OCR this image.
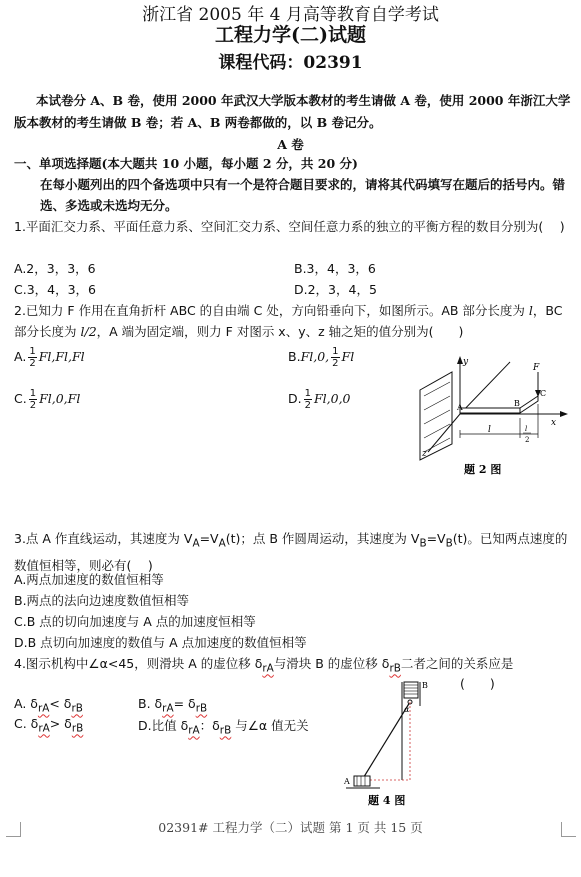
浙江省 2005 年 4 月高等教育自学考试
工程力学(二)试题
课程代码：02391
本试卷分 A、B 卷，使用 2000 年武汉大学版本教材的考生请做 A 卷，使用 2000 年浙江大学版本教材的考生请做 B 卷；若 A、B 两卷都做的，以 B 卷记分。
A 卷
一、单项选择题(本大题共 10 小题，每小题 2 分，共 20 分)
在每小题列出的四个备选项中只有一个是符合题目要求的，请将其代码填写在题后的括号内。错选、多选或未选均无分。
1.平面汇交力系、平面任意力系、空间汇交力系、空间任意力系的独立的平衡方程的数目分别为(　 )
A.2，3，3，6	B.3，4，3，6
C.3，4，3，6	D.2，3，4，5
2.已知力 F 作用在直角折杆 ABC 的自由端 C 处，方向铅垂向下，如图所示。AB 部分长度为 l，BC 部分长度为 l/2，A 端为固定端，则力 F 对图示 x、y、z 轴之矩的值分别为(　　)
A. $\frac{1}{2} Fl,Fl,Fl$	B.Fl,0, $\frac{1}{2}$ Fl
C. $\frac{1}{2} Fl,0,Fl$	D. $\frac{1}{2} Fl,0,0$
y
x
z
A	B
C
F
l	l
2
题 2 图
3.点 A 作直线运动，其速度为 $V_A=V_A(t)$；点 B 作圆周运动，其速度为 $V_B=V_B(t)$。已知两点速度的数值恒相等，则必有(　 )
A.两点加速度的数值恒相等
B.两点的法向边速度数值恒相等
C.B 点的切向加速度与 A 点的加速度恒相等
D.B 点切向加速度的数值与 A 点加速度的数值恒相等
4.图示机构中∠α<45，则滑块 A 的虚位移 $\delta_{rA}$与滑块 B 的虚位移 $\delta_{rB}$二者之间的关系应是
(　　)
A. $\delta_{rA}< \delta_{rB}$	B. $\delta_{rA}= \delta_{rB}$
C. $\delta_{rA}> \delta_{rB}$	D.比值 $\delta_{rA}$：$\delta_{rB}$ 与∠α 值无关
B
α
A
题 4 图
02391# 工程力学（二）试题 第 1 页 共 15 页
